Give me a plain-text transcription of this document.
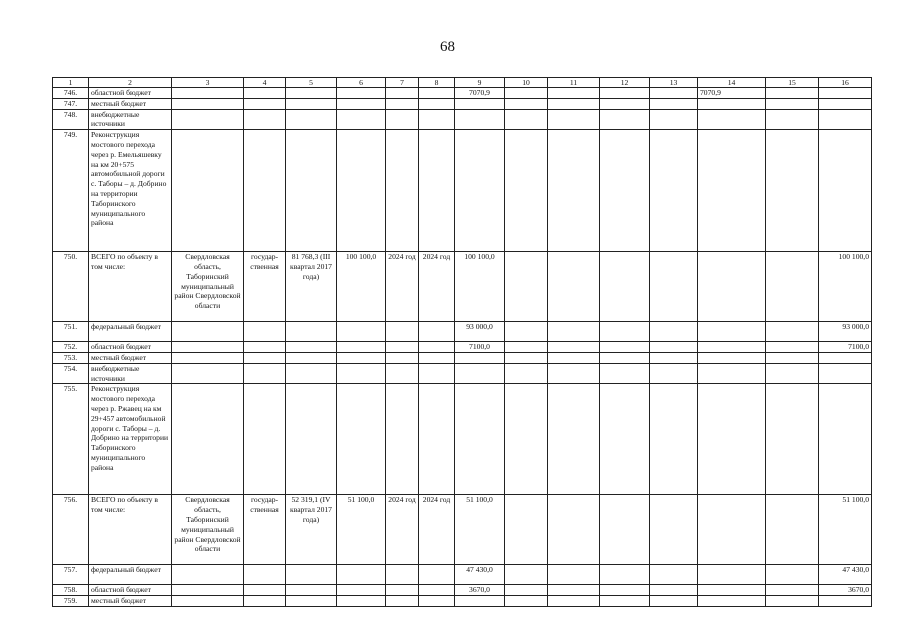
68
1	2	3	4	5	6	7	8	9	10	11	12	13	14	15	16
746.	областной бюджет							7070,9					7070,9		
747.	местный бюджет														
748.	внебюджетные источники														
749.	Реконструкция мостового перехода через р. Емельяшевку на км 20+575 автомобильной дороги с. Таборы – д. Добрино на территории Таборинского муниципального района														
750.	ВСЕГО по объекту в том числе:	Свердловская область, Таборинский муниципальный район Свердловской области	государ-ственная	81 768,3 (III квартал 2017 года)	100 100,0	2024 год	2024 год	100 100,0							100 100,0
751.	федеральный бюджет							93 000,0							93 000,0
752.	областной бюджет							7100,0							7100,0
753.	местный бюджет														
754.	внебюджетные источники														
755.	Реконструкция мостового перехода через р. Ржавец на км 29+457 автомобильной дороги с. Таборы – д. Добрино на территории Таборинского муниципального района														
756.	ВСЕГО по объекту в том числе:	Свердловская область, Таборинский муниципальный район Свердловской области	государ-ственная	52 319,1 (IV квартал 2017 года)	51 100,0	2024 год	2024 год	51 100,0							51 100,0
757.	федеральный бюджет							47 430,0							47 430,0
758.	областной бюджет							3670,0							3670,0
759.	местный бюджет														
